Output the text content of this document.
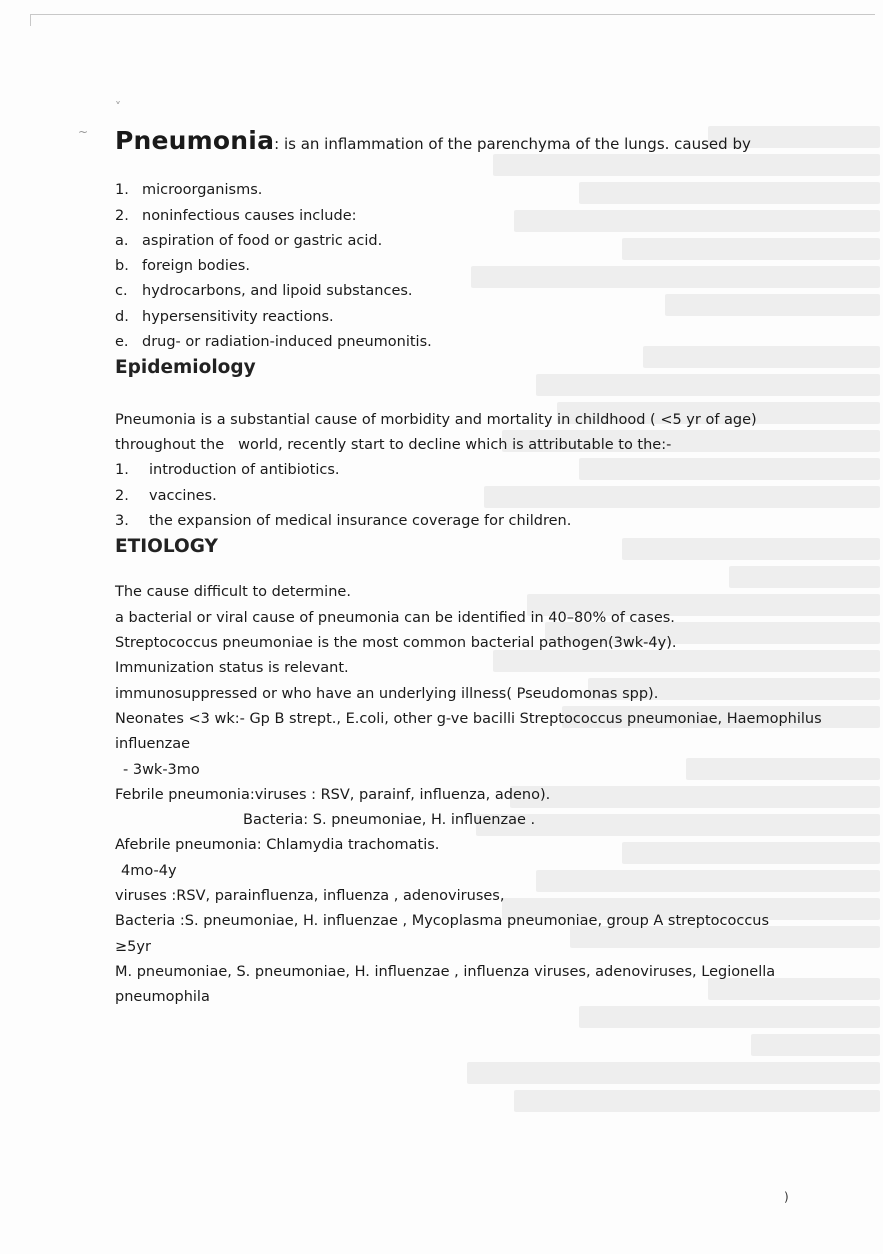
˅
~
)

Pneumonia: is an inflammation of the parenchyma of the lungs. caused by

1. microorganisms.
2. noninfectious causes include:
a. aspiration of food or gastric acid.
b. foreign bodies.
c. hydrocarbons, and lipoid substances.
d. hypersensitivity reactions.
e. drug- or radiation-induced pneumonitis.
Epidemiology
Pneumonia is a substantial cause of morbidity and mortality in childhood ( <5 yr of age)
throughout the world, recently start to decline which is attributable to the:-
1.	introduction of antibiotics.
2.	vaccines.
3.	the expansion of medical insurance coverage for children.
ETIOLOGY
The cause difficult to determine.
a bacterial or viral cause of pneumonia can be identified in 40–80% of cases.
Streptococcus pneumoniae is the most common bacterial pathogen(3wk-4y).
Immunization status is relevant.
immunosuppressed or who have an underlying illness( Pseudomonas spp).
Neonates <3 wk:- Gp B strept., E.coli, other g-ve bacilli Streptococcus pneumoniae, Haemophilus
influenzae
- 3wk-3mo
Febrile pneumonia:viruses : RSV, parainf, influenza, adeno).
Bacteria: S. pneumoniae, H. influenzae .
Afebrile pneumonia: Chlamydia trachomatis.
4mo-4y
viruses :RSV, parainfluenza, influenza , adenoviruses,
Bacteria :S. pneumoniae, H. influenzae , Mycoplasma pneumoniae, group A streptococcus
≥5yr
M. pneumoniae, S. pneumoniae, H. influenzae , influenza viruses, adenoviruses, Legionella
pneumophila
